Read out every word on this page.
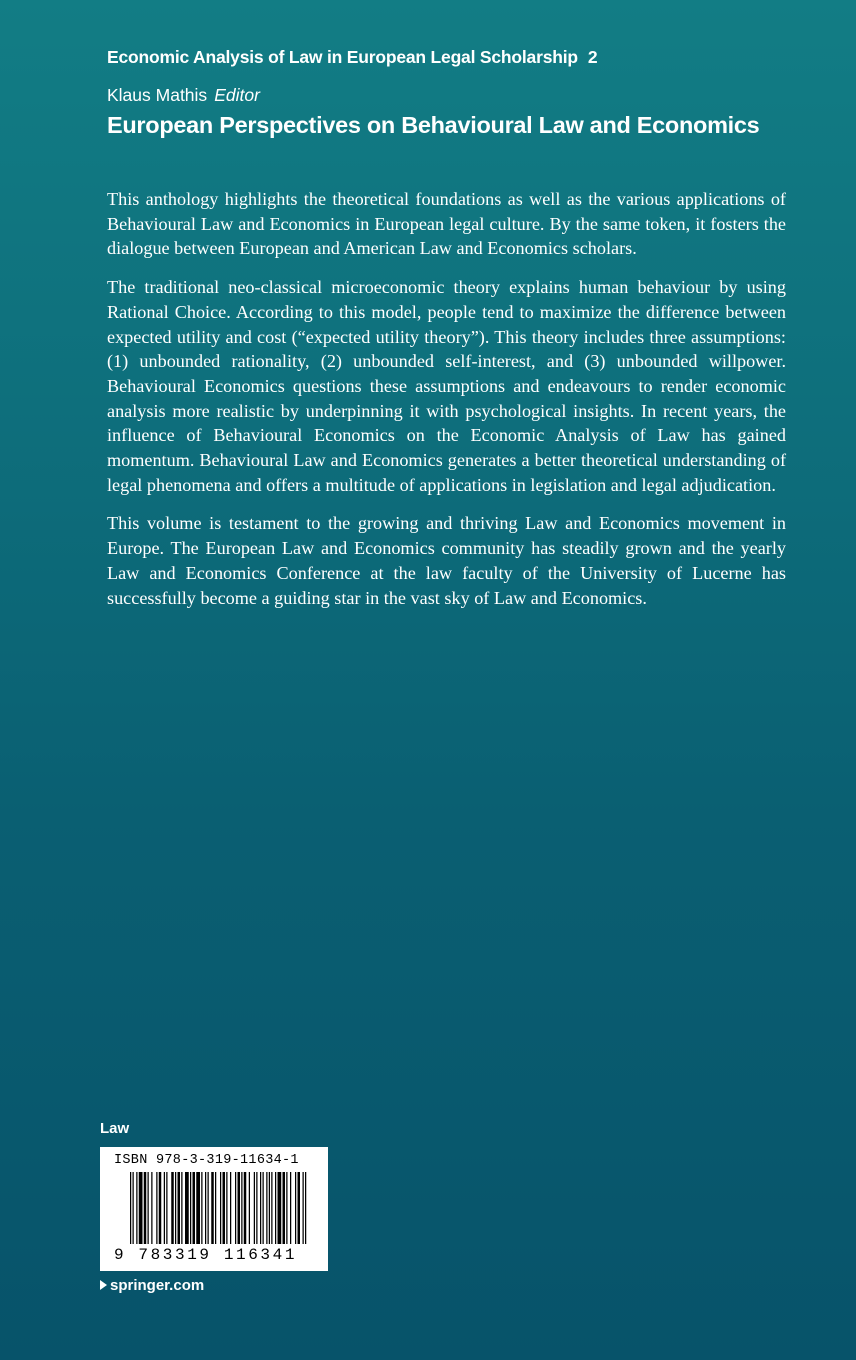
Economic Analysis of Law in European Legal Scholarship 2
Klaus Mathis Editor
European Perspectives on Behavioural Law and Economics

This anthology highlights the theoretical foundations as well as the various applications of Behavioural Law and Economics in European legal culture. By the same token, it fosters the dialogue between European and American Law and Economics scholars.

The traditional neo-classical microeconomic theory explains human behaviour by using Rational Choice. According to this model, people tend to maximize the difference between expected utility and cost (“expected utility theory”). This theory includes three assumptions: (1) unbounded rationality, (2) unbounded self-interest, and (3) unbounded willpower. Behavioural Economics questions these assumptions and endeavours to render economic analysis more realistic by underpinning it with psychological insights. In recent years, the influence of Behavioural Economics on the Economic Analysis of Law has gained momentum. Behavioural Law and Economics generates a better theoretical understanding of legal phenomena and offers a multitude of applications in legislation and legal adjudication.

This volume is testament to the growing and thriving Law and Economics movement in Europe. The European Law and Economics community has steadily grown and the yearly Law and Economics Conference at the law faculty of the University of Lucerne has successfully become a guiding star in the vast sky of Law and Economics.

Law
ISBN 978-3-319-11634-1
9 783319 116341
springer.com
